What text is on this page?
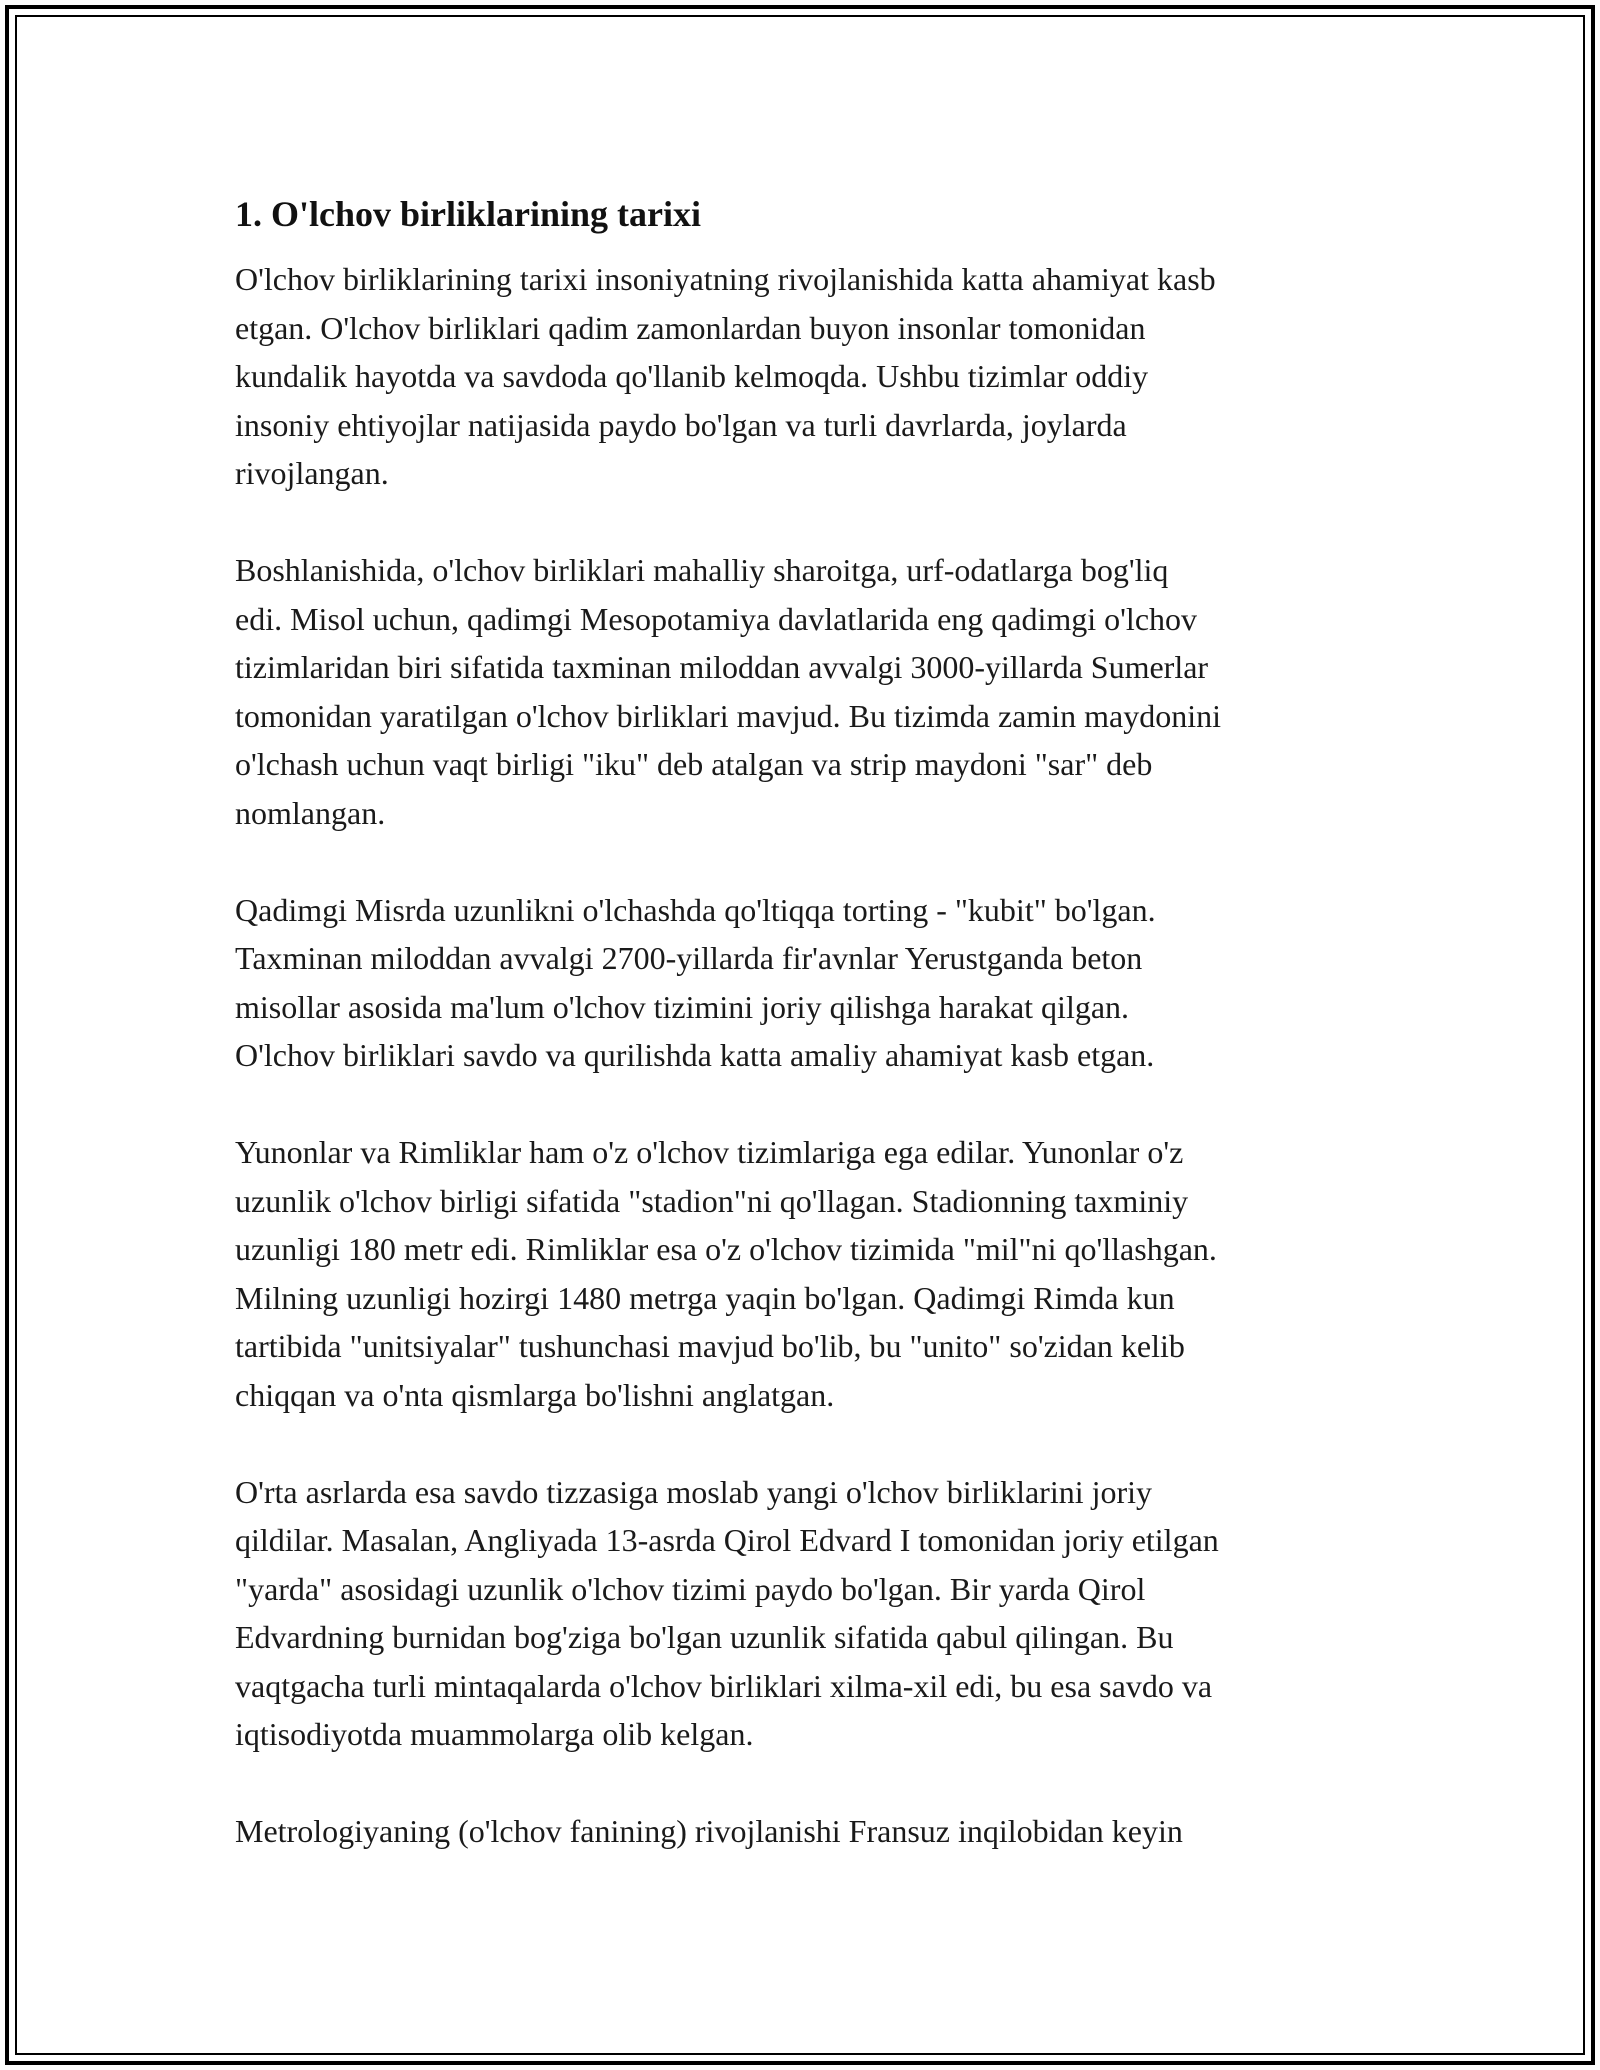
1. O'lchov birliklarining tarixi

O'lchov birliklarining tarixi insoniyatning rivojlanishida katta ahamiyat kasb
etgan. O'lchov birliklari qadim zamonlardan buyon insonlar tomonidan
kundalik hayotda va savdoda qo'llanib kelmoqda. Ushbu tizimlar oddiy
insoniy ehtiyojlar natijasida paydo bo'lgan va turli davrlarda, joylarda
rivojlangan.

Boshlanishida, o'lchov birliklari mahalliy sharoitga, urf-odatlarga bog'liq
edi. Misol uchun, qadimgi Mesopotamiya davlatlarida eng qadimgi o'lchov
tizimlaridan biri sifatida taxminan miloddan avvalgi 3000-yillarda Sumerlar
tomonidan yaratilgan o'lchov birliklari mavjud. Bu tizimda zamin maydonini
o'lchash uchun vaqt birligi "iku" deb atalgan va strip maydoni "sar" deb
nomlangan.

Qadimgi Misrda uzunlikni o'lchashda qo'ltiqqa torting - "kubit" bo'lgan.
Taxminan miloddan avvalgi 2700-yillarda fir'avnlar Yerustganda beton
misollar asosida ma'lum o'lchov tizimini joriy qilishga harakat qilgan.
O'lchov birliklari savdo va qurilishda katta amaliy ahamiyat kasb etgan.

Yunonlar va Rimliklar ham o'z o'lchov tizimlariga ega edilar. Yunonlar o'z
uzunlik o'lchov birligi sifatida "stadion"ni qo'llagan. Stadionning taxminiy
uzunligi 180 metr edi. Rimliklar esa o'z o'lchov tizimida "mil"ni qo'llashgan.
Milning uzunligi hozirgi 1480 metrga yaqin bo'lgan. Qadimgi Rimda kun
tartibida "unitsiyalar" tushunchasi mavjud bo'lib, bu "unito" so'zidan kelib
chiqqan va o'nta qismlarga bo'lishni anglatgan.

O'rta asrlarda esa savdo tizzasiga moslab yangi o'lchov birliklarini joriy
qildilar. Masalan, Angliyada 13-asrda Qirol Edvard I tomonidan joriy etilgan
"yarda" asosidagi uzunlik o'lchov tizimi paydo bo'lgan. Bir yarda Qirol
Edvardning burnidan bog'ziga bo'lgan uzunlik sifatida qabul qilingan. Bu
vaqtgacha turli mintaqalarda o'lchov birliklari xilma-xil edi, bu esa savdo va
iqtisodiyotda muammolarga olib kelgan.

Metrologiyaning (o'lchov fanining) rivojlanishi Fransuz inqilobidan keyin
